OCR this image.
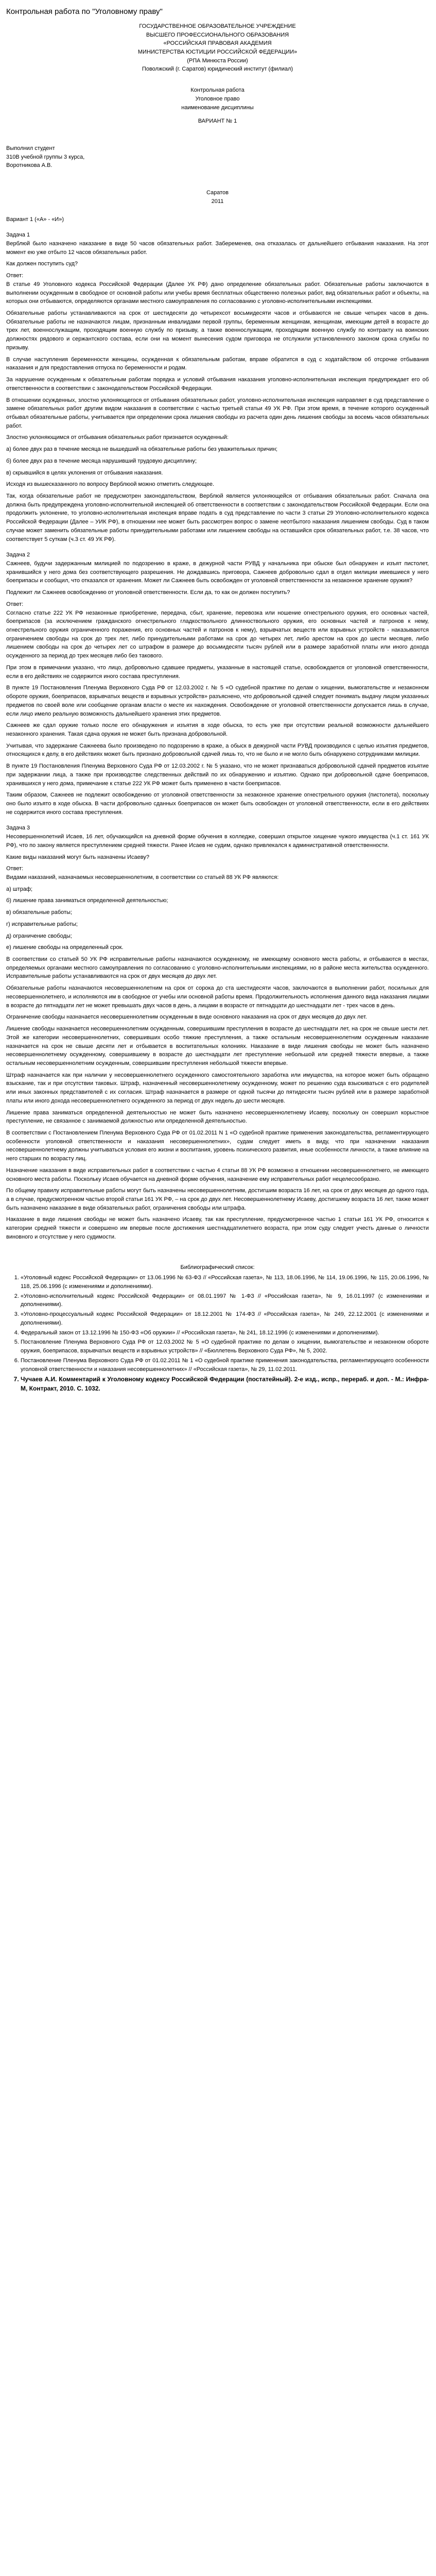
Контрольная работа по "Уголовному праву"
ГОСУДАРСТВЕННОЕ ОБРАЗОВАТЕЛЬНОЕ УЧРЕЖДЕНИЕ
ВЫСШЕГО ПРОФЕССИОНАЛЬНОГО ОБРАЗОВАНИЯ
«РОССИЙСКАЯ ПРАВОВАЯ АКАДЕМИЯ
МИНИСТЕРСТВА ЮСТИЦИИ РОССИЙСКОЙ ФЕДЕРАЦИИ»
(РПА Минюста России)
Поволжский (г. Саратов) юридический институт (филиал)
Контрольная работа
Уголовное право
наименование дисциплины
ВАРИАНТ № 1
Выполнил студент
310В учебной группы 3 курса,
Воротникова А.В.
Саратов
2011
Вариант 1 («А» - «И»)
Задача 1
Верблюй было назначено наказание в виде 50 часов обязательных работ. Забеременев, она отказалась от дальнейшего отбывания наказания. На этот момент ею уже отбыто 12 часов обязательных работ.
Как должен поступить суд?
Ответ:
В статье 49 Уголовного кодекса Российской Федерации (Далее УК РФ) дано определение обязательных работ. Обязательные работы заключаются в выполнении осужденным в свободное от основной работы или учебы время бесплатных общественно полезных работ, вид обязательных работ и объекты, на которых они отбываются, определяются органами местного самоуправления по согласованию с уголовно-исполнительными инспекциями.
Обязательные работы устанавливаются на срок от шестидесяти до четырехсот восьмидесяти часов и отбываются не свыше четырех часов в день. Обязательные работы не назначаются лицам, признанным инвалидами первой группы, беременным женщинам, женщинам, имеющим детей в возрасте до трех лет, военнослужащим, проходящим военную службу по призыву, а также военнослужащим, проходящим военную службу по контракту на воинских должностях рядового и сержантского состава, если они на момент вынесения судом приговора не отслужили установленного законом срока службы по призыву.
В случае наступления беременности женщины, осужденная к обязательным работам, вправе обратится в суд с ходатайством об отсрочке отбывания наказания и для предоставления отпуска по беременности и родам.
За нарушение осужденным к обязательным работам порядка и условий отбывания наказания уголовно-исполнительная инспекция предупреждает его об ответственности в соответствии с законодательством Российской Федерации.
В отношении осужденных, злостно уклоняющегося от отбывания обязательных работ, уголовно-исполнительная инспекция направляет в суд представление о замене обязательных работ другим видом наказания в соответствии с частью третьей статьи 49 УК РФ. При этом время, в течение которого осужденный отбывал обязательные работы, учитывается при определении срока лишения свободы из расчета один день лишения свободы за восемь часов обязательных работ.
Злостно уклоняющимся от отбывания обязательных работ признается осужденный:
а) более двух раз в течение месяца не вышедший на обязательные работы без уважительных причин;
б) более двух раз в течение месяца нарушивший трудовую дисциплину;
в) скрывшийся в целях уклонения от отбывания наказания.
Исходя из вышесказанного по вопросу Верблюой можно отметить следующее.
Так, когда обязательные работ не предусмотрен законодательством, Верблюй является уклоняющейся от отбывания обязательных работ. Сначала она должна быть предупреждена уголовно-исполнительной инспекцией об ответственности в соответствии с законодательством Российской Федерации. Если она продолжить уклонение, то уголовно-исполнительная инспекция вправе подать в суд представление по части 3 статьи 29 Уголовно-исполнительного кодекса Российской Федерации (Далее – УИК РФ), в отношении нее может быть рассмотрен вопрос о замене неотбытого наказания лишением свободы. Суд в таком случае может заменить обязательные работы принудительными работами или лишением свободы на оставшийся срок обязательных работ, т.е. 38 часов, что соответствует 5 суткам (ч.3 ст. 49 УК РФ).
Задача 2
Сажнеев, будучи задержанным милицией по подозрению в краже, в дежурной части РУВД у начальника при обыске был обнаружен и изъят пистолет, хранившийся у него дома без соответствующего разрешения. Не дождавшись приговора, Сажнеев добровольно сдал в отдел милиции имевшиеся у него боеприпасы и сообщил, что отказался от хранения. Может ли Сажнеев быть освобожден от уголовной ответственности за незаконное хранение оружия?
Подлежит ли Сажнеев освобождению от уголовной ответственности. Если да, то как он должен поступить?
Ответ:
Согласно статье 222 УК РФ незаконные приобретение, передача, сбыт, хранение, перевозка или ношение огнестрельного оружия, его основных частей, боеприпасов (за исключением гражданского огнестрельного гладкоствольного длинноствольного оружия, его основных частей и патронов к нему, огнестрельного оружия ограниченного поражения, его основных частей и патронов к нему), взрывчатых веществ или взрывных устройств - наказываются ограничением свободы на срок до трех лет, либо принудительными работами на срок до четырех лет, либо арестом на срок до шести месяцев, либо лишением свободы на срок до четырех лет со штрафом в размере до восьмидесяти тысяч рублей или в размере заработной платы или иного дохода осужденного за период до трех месяцев либо без такового.
При этом в примечании указано, что лицо, добровольно сдавшее предметы, указанные в настоящей статье, освобождается от уголовной ответственности, если в его действиях не содержится иного состава преступления.
В пункте 19 Постановления Пленума Верховного Суда РФ от 12.03.2002 г. № 5 «О судебной практике по делам о хищении, вымогательстве и незаконном обороте оружия, боеприпасов, взрывчатых веществ и взрывных устройств» разъяснено, что добровольной сдачей следует понимать выдачу лицом указанных предметов по своей воле или сообщение органам власти о месте их нахождения. Освобождение от уголовной ответственности допускается лишь в случае, если лицо имело реальную возможность дальнейшего хранения этих предметов.
Сажнеев же сдал оружие только после его обнаружения и изъятия в ходе обыска, то есть уже при отсутствии реальной возможности дальнейшего незаконного хранения. Такая сдача оружия не может быть признана добровольной.
Учитывая, что задержание Сажнеева было произведено по подозрению в краже, а обыск в дежурной части РУВД производился с целью изъятия предметов, относящихся к делу, в его действиях может быть признано добровольной сдачей лишь то, что не было и не могло быть обнаружено сотрудниками милиции.
В пункте 19 Постановления Пленума Верховного Суда РФ от 12.03.2002 г. № 5 указано, что не может признаваться добровольной сдачей предметов изъятие при задержании лица, а также при производстве следственных действий по их обнаружению и изъятию. Однако при добровольной сдаче боеприпасов, хранившихся у него дома, примечание к статье 222 УК РФ может быть применено в части боеприпасов.
Таким образом, Сажнеев не подлежит освобождению от уголовной ответственности за незаконное хранение огнестрельного оружия (пистолета), поскольку оно было изъято в ходе обыска. В части добровольно сданных боеприпасов он может быть освобожден от уголовной ответственности, если в его действиях не содержится иного состава преступления.
Задача 3
Несовершеннолетний Исаев, 16 лет, обучающийся на дневной форме обучения в колледже, совершил открытое хищение чужого имущества (ч.1 ст. 161 УК РФ), что по закону является преступлением средней тяжести. Ранее Исаев не судим, однако привлекался к административной ответственности.
Какие виды наказаний могут быть назначены Исаеву?
Ответ:
Видами наказаний, назначаемых несовершеннолетним, в соответствии со статьей 88 УК РФ являются:
а) штраф;
б) лишение права заниматься определенной деятельностью;
в) обязательные работы;
г) исправительные работы;
д) ограничение свободы;
е) лишение свободы на определенный срок.
В соответствии со статьей 50 УК РФ исправительные работы назначаются осужденному, не имеющему основного места работы, и отбываются в местах, определяемых органами местного самоуправления по согласованию с уголовно-исполнительными инспекциями, но в районе места жительства осужденного. Исправительные работы устанавливаются на срок от двух месяцев до двух лет.
Обязательные работы назначаются несовершеннолетним на срок от сорока до ста шестидесяти часов, заключаются в выполнении работ, посильных для несовершеннолетнего, и исполняются им в свободное от учебы или основной работы время. Продолжительность исполнения данного вида наказания лицами в возрасте до пятнадцати лет не может превышать двух часов в день, а лицами в возрасте от пятнадцати до шестнадцати лет - трех часов в день.
Ограничение свободы назначается несовершеннолетним осужденным в виде основного наказания на срок от двух месяцев до двух лет.
Лишение свободы назначается несовершеннолетним осужденным, совершившим преступления в возрасте до шестнадцати лет, на срок не свыше шести лет. Этой же категории несовершеннолетних, совершивших особо тяжкие преступления, а также остальным несовершеннолетним осужденным наказание назначается на срок не свыше десяти лет и отбывается в воспитательных колониях. Наказание в виде лишения свободы не может быть назначено несовершеннолетнему осужденному, совершившему в возрасте до шестнадцати лет преступление небольшой или средней тяжести впервые, а также остальным несовершеннолетним осужденным, совершившим преступления небольшой тяжести впервые.
Штраф назначается как при наличии у несовершеннолетнего осужденного самостоятельного заработка или имущества, на которое может быть обращено взыскание, так и при отсутствии таковых. Штраф, назначенный несовершеннолетнему осужденному, может по решению суда взыскиваться с его родителей или иных законных представителей с их согласия. Штраф назначается в размере от одной тысячи до пятидесяти тысяч рублей или в размере заработной платы или иного дохода несовершеннолетнего осужденного за период от двух недель до шести месяцев.
Лишение права заниматься определенной деятельностью не может быть назначено несовершеннолетнему Исаеву, поскольку он совершил корыстное преступление, не связанное с занимаемой должностью или определенной деятельностью.
В соответствии с Постановлением Пленума Верховного Суда РФ от 01.02.2011 N 1 «О судебной практике применения законодательства, регламентирующего особенности уголовной ответственности и наказания несовершеннолетних», судам следует иметь в виду, что при назначении наказания несовершеннолетнему должны учитываться условия его жизни и воспитания, уровень психического развития, иные особенности личности, а также влияние на него старших по возрасту лиц.
Назначение наказания в виде исправительных работ в соответствии с частью 4 статьи 88 УК РФ возможно в отношении несовершеннолетнего, не имеющего основного места работы. Поскольку Исаев обучается на дневной форме обучения, назначение ему исправительных работ нецелесообразно.
По общему правилу исправительные работы могут быть назначены несовершеннолетним, достигшим возраста 16 лет, на срок от двух месяцев до одного года, а в случае, предусмотренном частью второй статьи 161 УК РФ, – на срок до двух лет. Несовершеннолетнему Исаеву, достигшему возраста 16 лет, также может быть назначено наказание в виде обязательных работ, ограничения свободы или штрафа.
Наказание в виде лишения свободы не может быть назначено Исаеву, так как преступление, предусмотренное частью 1 статьи 161 УК РФ, относится к категории средней тяжести и совершено им впервые после достижения шестнадцатилетнего возраста, при этом суду следует учесть данные о личности виновного и отсутствие у него судимости.
Библиографический список:
1. «Уголовный кодекс Российской Федерации» от 13.06.1996 № 63-ФЗ // «Российская газета», № 113, 18.06.1996, № 114, 19.06.1996, № 115, 20.06.1996, № 118, 25.06.1996 (с изменениями и дополнениями).
2. «Уголовно-исполнительный кодекс Российской Федерации» от 08.01.1997 № 1-ФЗ // «Российская газета», № 9, 16.01.1997 (с изменениями и дополнениями).
3. «Уголовно-процессуальный кодекс Российской Федерации» от 18.12.2001 № 174-ФЗ // «Российская газета», № 249, 22.12.2001 (с изменениями и дополнениями).
4. Федеральный закон от 13.12.1996 № 150-ФЗ «Об оружии» // «Российская газета», № 241, 18.12.1996 (с изменениями и дополнениями).
5. Постановление Пленума Верховного Суда РФ от 12.03.2002 № 5 «О судебной практике по делам о хищении, вымогательстве и незаконном обороте оружия, боеприпасов, взрывчатых веществ и взрывных устройств» // «Бюллетень Верховного Суда РФ», № 5, 2002.
6. Постановление Пленума Верховного Суда РФ от 01.02.2011 № 1 «О судебной практике применения законодательства, регламентирующего особенности уголовной ответственности и наказания несовершеннолетних» // «Российская газета», № 29, 11.02.2011.
7. Чучаев А.И. Комментарий к Уголовному кодексу Российской Федерации (постатейный). 2-е изд., испр., перераб. и доп. - М.: Инфра-М, Контракт, 2010. С. 1032.
